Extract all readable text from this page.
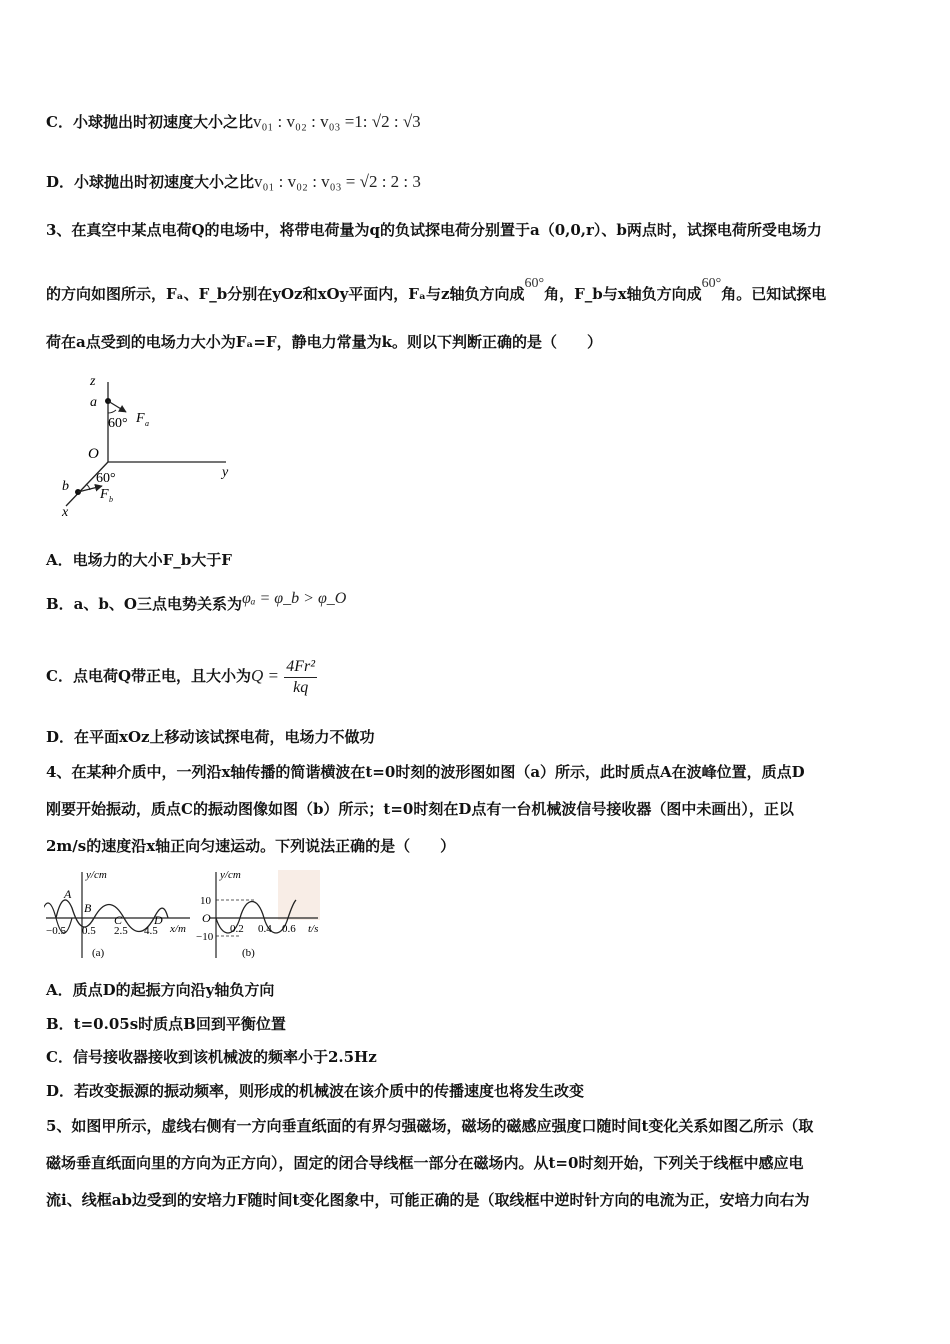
C．小球抛出时初速度大小之比v₀₁ : v₀₂ : v₀₃ =1: √2 : √3
D．小球抛出时初速度大小之比v₀₁ : v₀₂ : v₀₃ = √2 : 2 : 3
3、在真空中某点电荷Q的电场中，将带电荷量为q的负试探电荷分别置于a（0,0,r）、b两点时，试探电荷所受电场力
的方向如图所示，Fₐ、F_b分别在yOz和xOy平面内，Fₐ与z轴负方向成60°角，F_b与x轴负方向成60°角。已知试探电
荷在a点受到的电场力大小为Fₐ=F，静电力常量为k。则以下判断正确的是（　　）
z
a
60° F a
O
y
60°
b
F b
x
A．电场力的大小F_b大于F
B．a、b、O三点电势关系为φₐ = φ_b > φ_O
C．点电荷Q带正电，且大小为$Q = \frac{\text{4Fr²}}{kq}$
D．在平面xOz上移动该试探电荷，电场力不做功
4、在某种介质中，一列沿x轴传播的简谐横波在t=0时刻的波形图如图（a）所示，此时质点A在波峰位置，质点D
刚要开始振动，质点C的振动图像如图（b）所示；t=0时刻在D点有一台机械波信号接收器（图中未画出），正以
2m/s的速度沿x轴正向匀速运动。下列说法正确的是（　　）
y/cm
x/m
A
B
C	D
−0.5 0.5 2.5 4.5
(a)
y/cm
t/s
10
O
−10
0.2 0.4 0.6
(b)
A．质点D的起振方向沿y轴负方向
B．t=0.05s时质点B回到平衡位置
C．信号接收器接收到该机械波的频率小于2.5Hz
D．若改变振源的振动频率，则形成的机械波在该介质中的传播速度也将发生改变
5、如图甲所示，虚线右侧有一方向垂直纸面的有界匀强磁场，磁场的磁感应强度口随时间t变化关系如图乙所示（取
磁场垂直纸面向里的方向为正方向），固定的闭合导线框一部分在磁场内。从t=0时刻开始，下列关于线框中感应电
流i、线框ab边受到的安培力F随时间t变化图象中，可能正确的是（取线框中逆时针方向的电流为正，安培力向右为
